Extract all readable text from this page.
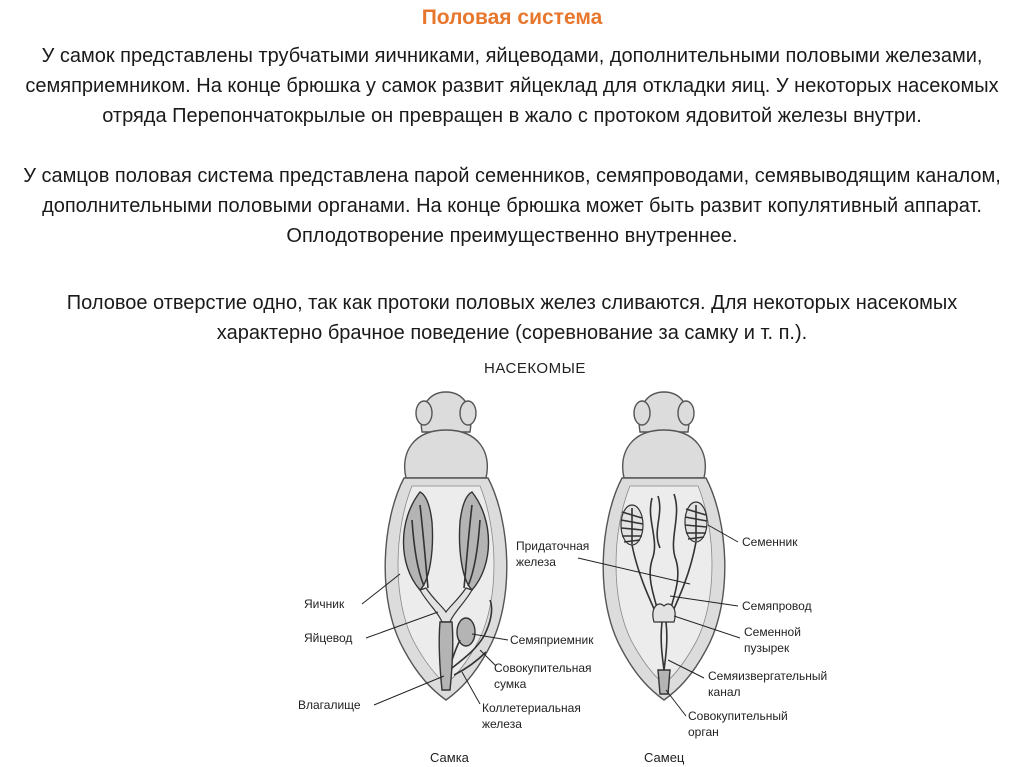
Половая система
У самок представлены трубчатыми яичниками, яйцеводами, дополнительными половыми железами, семяприемником. На конце брюшка у самок развит яйцеклад для откладки яиц. У некоторых насекомых отряда Перепончатокрылые он превращен в жало с протоком ядовитой железы внутри.
У самцов половая система представлена парой семенников, семяпроводами, семявыводящим каналом, дополнительными половыми органами. На конце брюшка может быть развит копулятивный аппарат. Оплодотворение преимущественно внутреннее.
Половое отверстие одно, так как протоки половых желез сливаются. Для некоторых насекомых характерно брачное поведение (соревнование за самку и т. п.).
НАСЕКОМЫЕ
Яичник
Яйцевод
Влагалище
Семяприемник
Совокупительная
сумка
Коллетериальная
железа
Самка
Придаточная
железа
Семенник
Семяпровод
Семенной
пузырек
Семяизвергательный
канал
Совокупительный
орган
Самец
